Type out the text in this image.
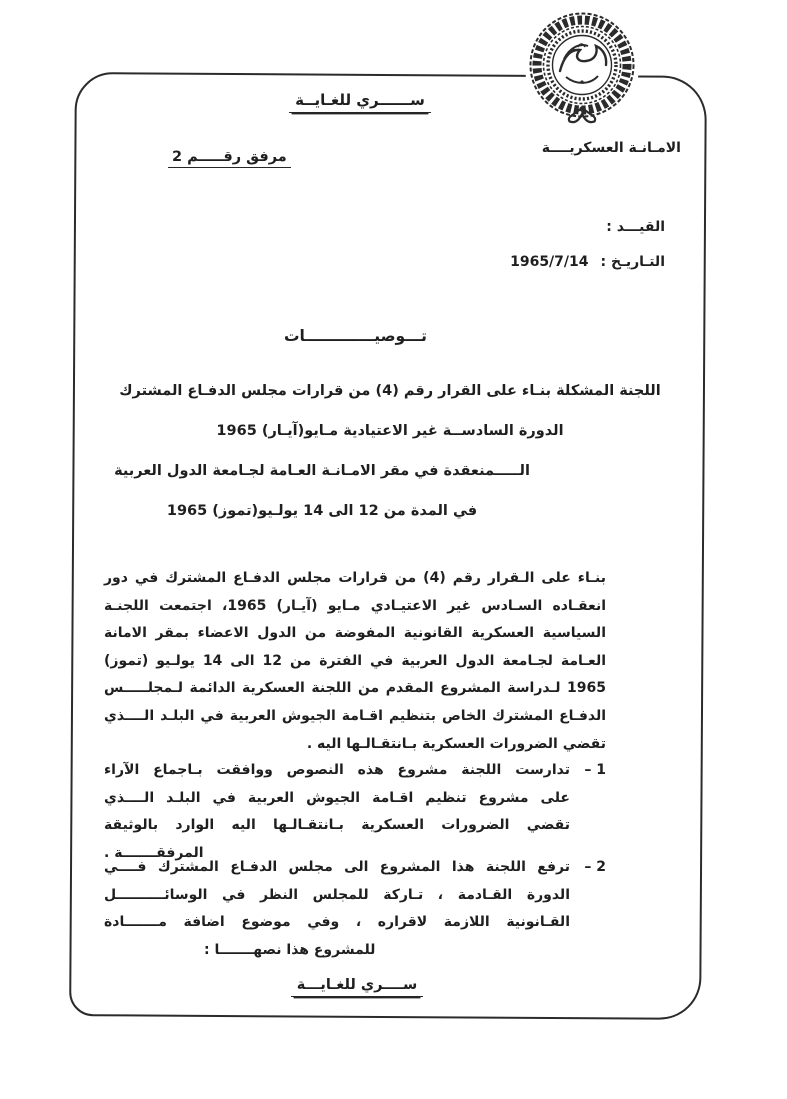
ســــــري للغـايــة
الامـانـة العسكريــــة
مرفق رقـــــم 2
القيـــد :
التـاريـخ :1965/7/14
تـــوصيـــــــــــــات
اللجنة المشكلة بنـاء على القرار رقم (4) من قرارات مجلس الدفـاع المشترك
الدورة السادســة غير الاعتيادية مـايو(آيـار) 1965
الـــــمنعقدة في مقر الامـانـة العـامة لجـامعة الدول العربية
في المدة من 12 الى 14 يولـيو(تموز) 1965
بنـاء على الـقرار رقم (4) من قرارات مجلس الدفـاع المشترك في دور
انعقـاده السـادس غير الاعتيـادي مـايو (آيـار) 1965، اجتمعت اللجنـة
السياسية العسكرية القانونية المفوضة من الدول الاعضاء بمقر الامانة
العـامة لجـامعة الدول العربية في الفترة من 12 الى 14 يولـيو (تموز)
1965 لـدراسة المشروع المقدم من اللجنة العسكرية الدائمة لـمجلـــــس
الدفـاع المشترك الخاص بتنظيم اقـامة الجيوش العربية في البلـد الــــذي
تقضي الضرورات العسكرية بـانتقـالـها اليه .
1 –
تدارست اللجنة مشروع هذه النصوص ووافقت بـاجماع الآراء
على مشروع تنظيم اقـامة الجيوش العربية في البلـد الــــذي
تقضي الضرورات العسكرية بـانتقـالـها اليه الوارد بالوثيقة
المرفقـــــــة .
2 –
ترفع اللجنة هذا المشروع الى مجلس الدفـاع المشترك فــــي
الدورة القـادمة ، تـاركة للمجلس النظر في الوسائــــــــــل
القـانونية اللازمة لاقراره ، وفي موضوع اضافة مـــــــادة
للمشروع هذا نصهـــــــا :
ســــري للغـايـــة
